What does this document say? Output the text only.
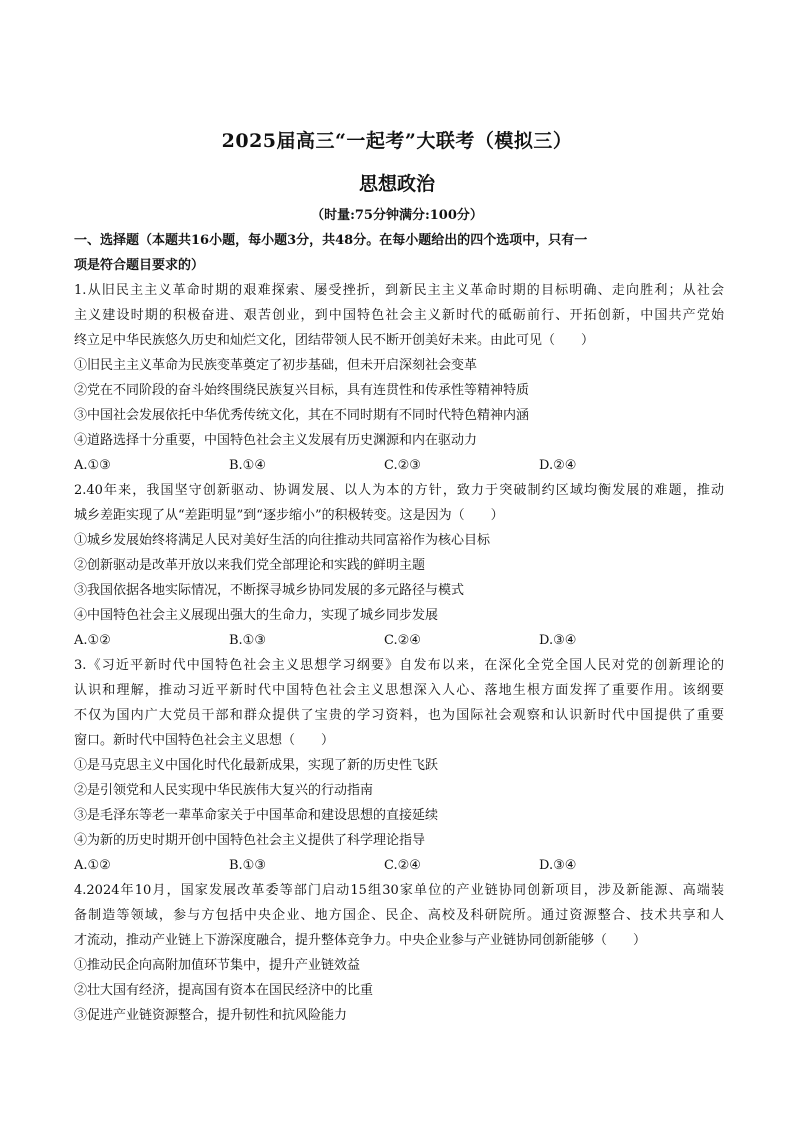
2025届高三“一起考”大联考（模拟三）
思想政治
（时量:75分钟满分:100分）
一、选择题（本题共16小题，每小题3分，共48分。在每小题给出的四个选项中，只有一
项是符合题目要求的）
1.从旧民主主义革命时期的艰难探索、屡受挫折，到新民主主义革命时期的目标明确、走向胜利；从社会
主义建设时期的积极奋进、艰苦创业，到中国特色社会主义新时代的砥砺前行、开拓创新，中国共产党始
终立足中华民族悠久历史和灿烂文化，团结带领人民不断开创美好未来。由此可见（　　）
①旧民主主义革命为民族变革奠定了初步基础，但未开启深刻社会变革
②党在不同阶段的奋斗始终围绕民族复兴目标，具有连贯性和传承性等精神特质
③中国社会发展依托中华优秀传统文化，其在不同时期有不同时代特色精神内涵
④道路选择十分重要，中国特色社会主义发展有历史渊源和内在驱动力
A.①③	B.①④	C.②③	D.②④
2.40年来，我国坚守创新驱动、协调发展、以人为本的方针，致力于突破制约区域均衡发展的难题，推动
城乡差距实现了从“差距明显”到“逐步缩小”的积极转变。这是因为（　　）
①城乡发展始终将满足人民对美好生活的向往推动共同富裕作为核心目标
②创新驱动是改革开放以来我们党全部理论和实践的鲜明主题
③我国依据各地实际情况，不断探寻城乡协同发展的多元路径与模式
④中国特色社会主义展现出强大的生命力，实现了城乡同步发展
A.①②	B.①③	C.②④	D.③④
3.《习近平新时代中国特色社会主义思想学习纲要》自发布以来，在深化全党全国人民对党的创新理论的
认识和理解，推动习近平新时代中国特色社会主义思想深入人心、落地生根方面发挥了重要作用。该纲要
不仅为国内广大党员干部和群众提供了宝贵的学习资料，也为国际社会观察和认识新时代中国提供了重要
窗口。新时代中国特色社会主义思想（　　）
①是马克思主义中国化时代化最新成果，实现了新的历史性飞跃
②是引领党和人民实现中华民族伟大复兴的行动指南
③是毛泽东等老一辈革命家关于中国革命和建设思想的直接延续
④为新的历史时期开创中国特色社会主义提供了科学理论指导
A.①②	B.①③	C.②④	D.③④
4.2024年10月，国家发展改革委等部门启动15组30家单位的产业链协同创新项目，涉及新能源、高端装
备制造等领域，参与方包括中央企业、地方国企、民企、高校及科研院所。通过资源整合、技术共享和人
才流动，推动产业链上下游深度融合，提升整体竞争力。中央企业参与产业链协同创新能够（　　）
①推动民企向高附加值环节集中，提升产业链效益
②壮大国有经济，提高国有资本在国民经济中的比重
③促进产业链资源整合，提升韧性和抗风险能力
